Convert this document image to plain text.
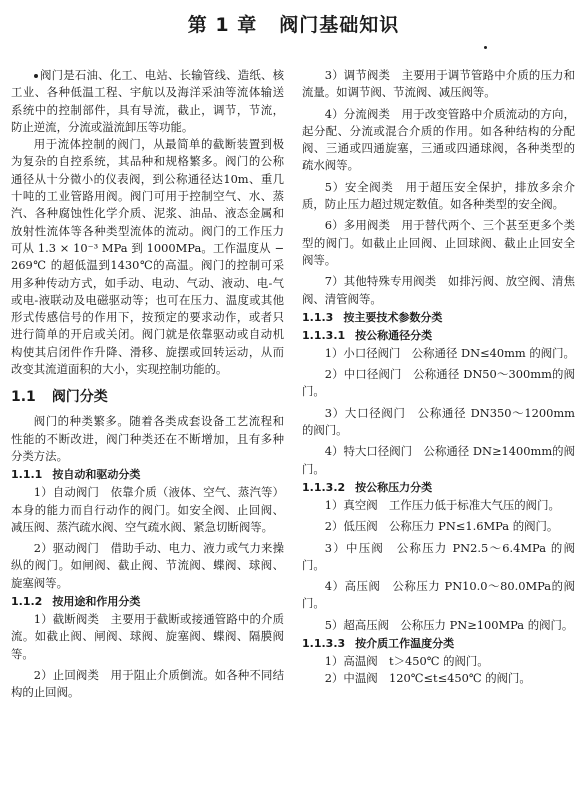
第 1 章 阀门基础知识

阀门是石油、化工、电站、长输管线、造纸、核工业、各种低温工程、宇航以及海洋采油等流体输送系统中的控制部件，具有导流，截止，调节，节流，防止逆流，分流或溢流卸压等功能。

用于流体控制的阀门，从最简单的截断装置到极为复杂的自控系统，其品种和规格繁多。阀门的公称通径从十分微小的仪表阀，到公称通径达10m、重几十吨的工业管路用阀。阀门可用于控制空气、水、蒸汽、各种腐蚀性化学介质、泥浆、油品、液态金属和放射性流体等各种类型流体的流动。阀门的工作压力可从 1.3 × 10⁻³ MPa 到 1000MPa。工作温度从 − 269℃ 的超低温到1430℃的高温。阀门的控制可采用多种传动方式，如手动、电动、气动、液动、电-气或电-液联动及电磁驱动等；也可在压力、温度或其他形式传感信号的作用下，按预定的要求动作，或者只进行简单的开启或关闭。阀门就是依靠驱动或自动机构使其启闭件作升降、滑移、旋摆或回转运动，从而改变其流道面积的大小，实现控制功能的。

1.1 阀门分类

阀门的种类繁多。随着各类成套设备工艺流程和性能的不断改进，阀门种类还在不断增加，且有多种分类方法。

1.1.1 按自动和驱动分类

1）自动阀门　依靠介质（液体、空气、蒸汽等）本身的能力而自行动作的阀门。如安全阀、止回阀、减压阀、蒸汽疏水阀、空气疏水阀、紧急切断阀等。

2）驱动阀门　借助手动、电力、液力或气力来操纵的阀门。如闸阀、截止阀、节流阀、蝶阀、球阀、旋塞阀等。

1.1.2 按用途和作用分类

1）截断阀类　主要用于截断或接通管路中的介质流。如截止阀、闸阀、球阀、旋塞阀、蝶阀、隔膜阀等。

2）止回阀类　用于阻止介质倒流。如各种不同结构的止回阀。

3）调节阀类　主要用于调节管路中介质的压力和流量。如调节阀、节流阀、减压阀等。

4）分流阀类　用于改变管路中介质流动的方向，起分配、分流或混合介质的作用。如各种结构的分配阀、三通或四通旋塞，三通或四通球阀，各种类型的疏水阀等。

5）安全阀类　用于超压安全保护，排放多余介质，防止压力超过规定数值。如各种类型的安全阀。

6）多用阀类　用于替代两个、三个甚至更多个类型的阀门。如截止止回阀、止回球阀、截止止回安全阀等。

7）其他特殊专用阀类　如排污阀、放空阀、清焦阀、清管阀等。

1.1.3 按主要技术参数分类
1.1.3.1 按公称通径分类

1）小口径阀门　公称通径 DN≤40mm 的阀门。

2）中口径阀门　公称通径 DN50～300mm的阀门。

3）大口径阀门　公称通径 DN350～1200mm的阀门。

4）特大口径阀门　公称通径 DN≥1400mm的阀门。

1.1.3.2 按公称压力分类

1）真空阀　工作压力低于标准大气压的阀门。

2）低压阀　公称压力 PN≤1.6MPa 的阀门。

3）中压阀　公称压力 PN2.5～6.4MPa 的阀门。

4）高压阀　公称压力 PN10.0～80.0MPa的阀门。

5）超高压阀　公称压力 PN≥100MPa 的阀门。

1.1.3.3 按介质工作温度分类

1）高温阀　t＞450℃ 的阀门。

2）中温阀　120℃≤t≤450℃ 的阀门。
